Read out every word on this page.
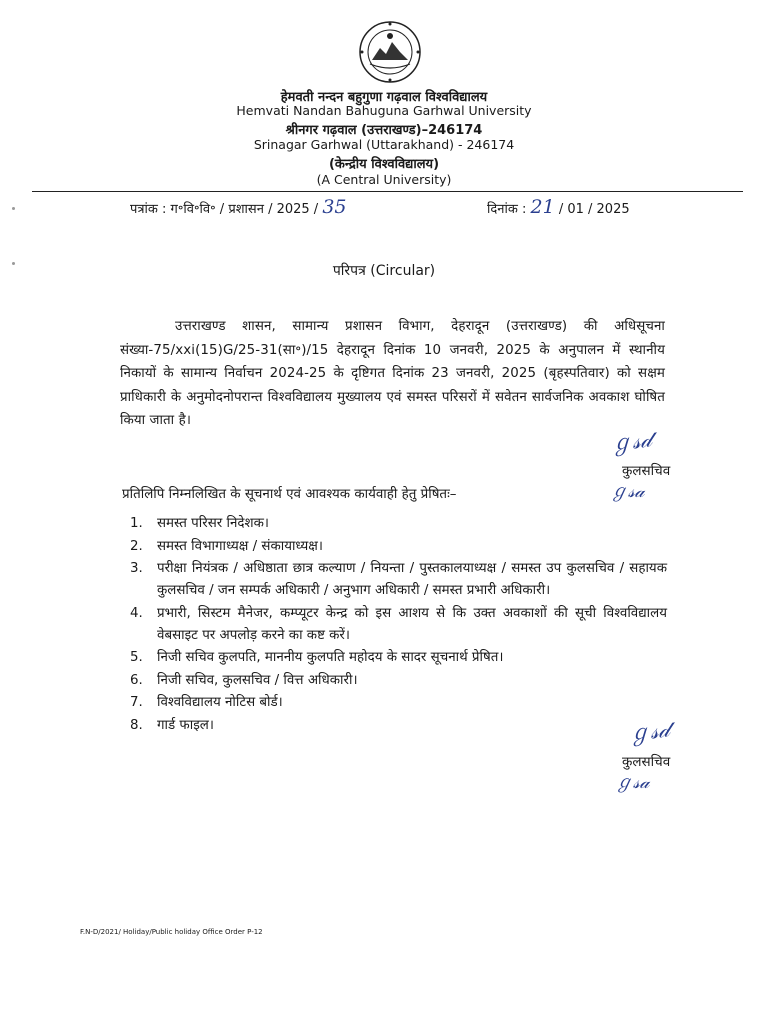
हेमवती नन्दन बहुगुणा गढ़वाल विश्वविद्यालय
Hemvati Nandan Bahuguna Garhwal University
श्रीनगर गढ़वाल (उत्तराखण्ड)–246174
Srinagar Garhwal (Uttarakhand) - 246174
(केन्द्रीय विश्वविद्यालय)
(A Central University)
पत्रांक : ग॰वि॰वि॰ / प्रशासन / 2025 / 35	दिनांक : 21 / 01 / 2025
परिपत्र (Circular)
उत्तराखण्ड शासन, सामान्य प्रशासन विभाग, देहरादून (उत्तराखण्ड) की अधिसूचना संख्या-75/xxi(15)G/25-31(सा॰)/15 देहरादून दिनांक 10 जनवरी, 2025 के अनुपालन में स्थानीय निकायों के सामान्य निर्वाचन 2024-25 के दृष्टिगत दिनांक 23 जनवरी, 2025 (बृहस्पतिवार) को सक्षम प्राधिकारी के अनुमोदनोपरान्त विश्वविद्यालय मुख्यालय एवं समस्त परिसरों में सवेतन सार्वजनिक अवकाश घोषित किया जाता है।
ℊ𝓈𝒹
कुलसचिव
ℊ𝓈𝒶
प्रतिलिपि निम्नलिखित के सूचनार्थ एवं आवश्यक कार्यवाही हेतु प्रेषितः–
1. समस्त परिसर निदेशक।
2. समस्त विभागाध्यक्ष / संकायाध्यक्ष।
3. परीक्षा नियंत्रक / अधिष्ठाता छात्र कल्याण / नियन्ता / पुस्तकालयाध्यक्ष / समस्त उप कुलसचिव / सहायक कुलसचिव / जन सम्पर्क अधिकारी / अनुभाग अधिकारी / समस्त प्रभारी अधिकारी।
4. प्रभारी, सिस्टम मैनेजर, कम्प्यूटर केन्द्र को इस आशय से कि उक्त अवकाशों की सूची विश्वविद्यालय वेबसाइट पर अपलोड़ करने का कष्ट करें।
5. निजी सचिव कुलपति, माननीय कुलपति महोदय के सादर सूचनार्थ प्रेषित।
6. निजी सचिव, कुलसचिव / वित्त अधिकारी।
7. विश्वविद्यालय नोटिस बोर्ड।
8. गार्ड फाइल।	ℊ𝓈𝒹
कुलसचिव
ℊ𝓈𝒶
F.N-D/2021/ Holiday/Public holiday Office Order P-12
